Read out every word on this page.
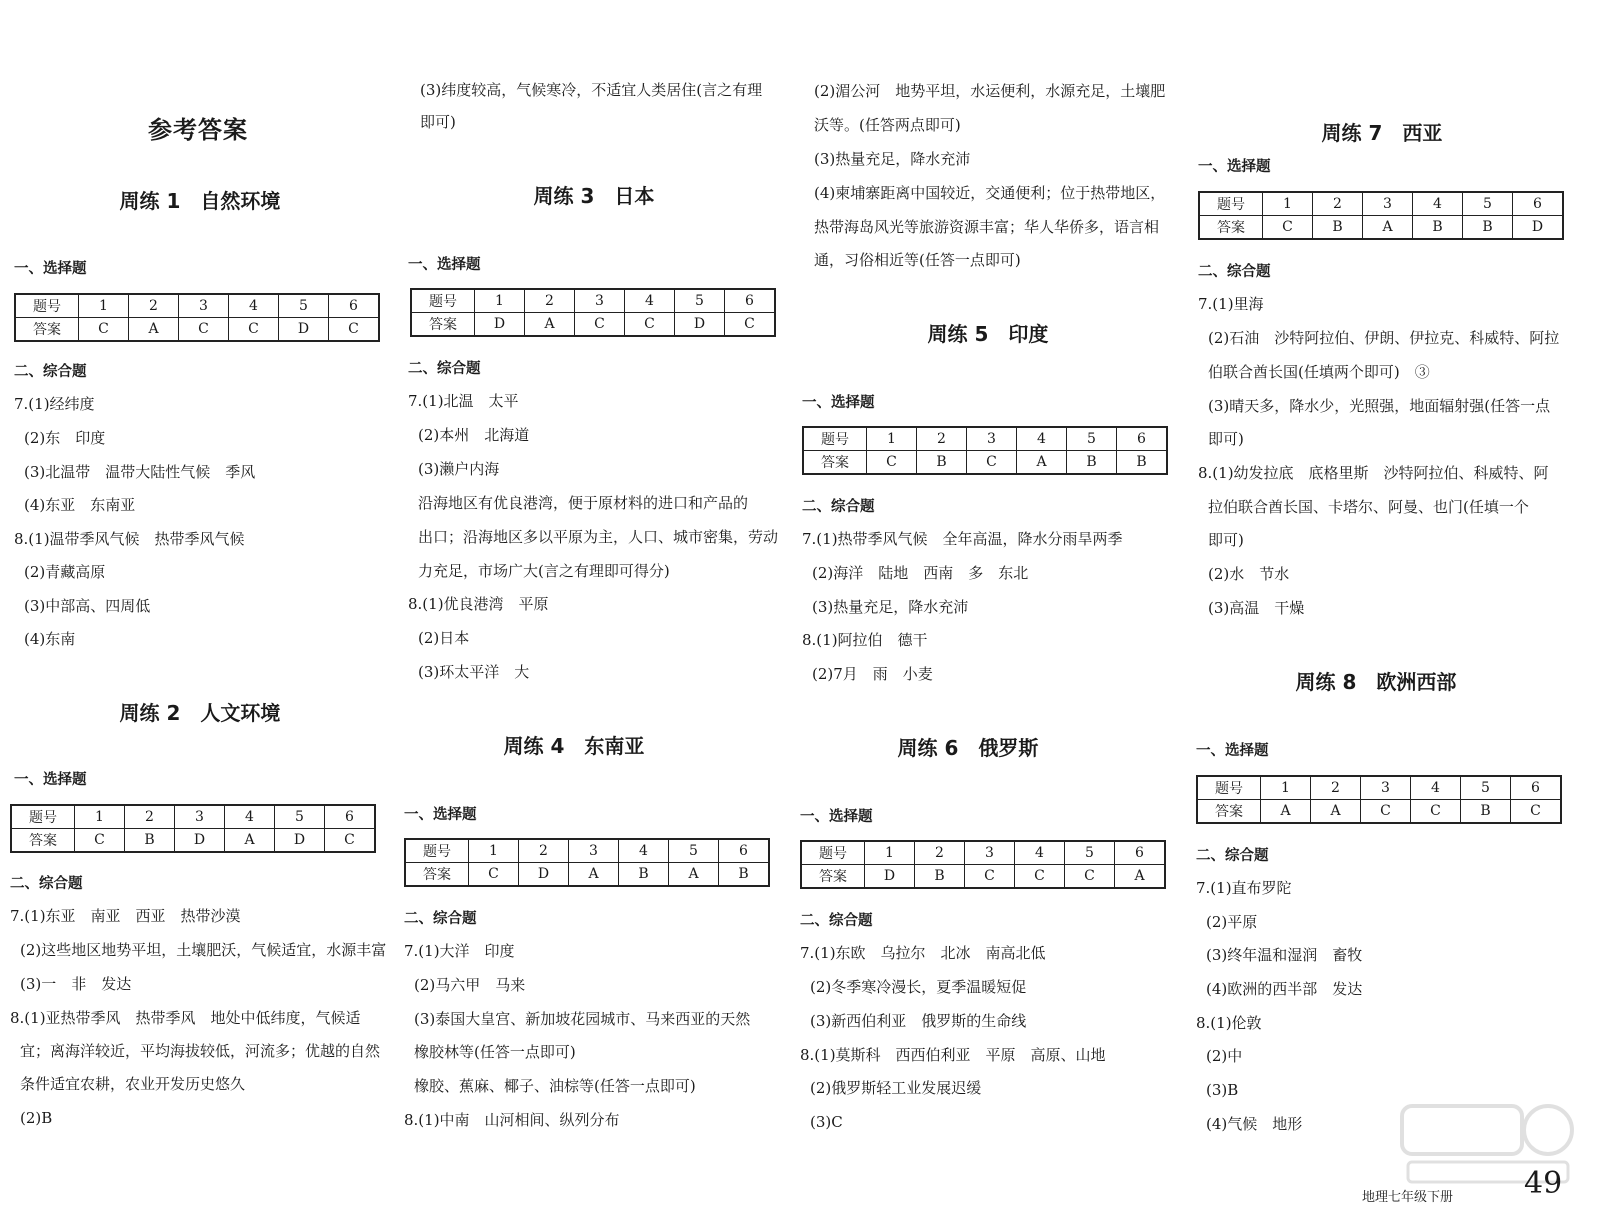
参考答案
周练 1　自然环境
一、选择题
题号	1	2	3	4	5	6
答案	C	A	C	C	D	C
二、综合题
7.(1)经纬度
(2)东　印度
(3)北温带　温带大陆性气候　季风
(4)东亚　东南亚
8.(1)温带季风气候　热带季风气候
(2)青藏高原
(3)中部高、四周低
(4)东南
周练 2　人文环境
一、选择题
题号	1	2	3	4	5	6
答案	C	B	D	A	D	C
二、综合题
7.(1)东亚　南亚　西亚　热带沙漠
(2)这些地区地势平坦，土壤肥沃，气候适宜，水源丰富
(3)一　非　发达
8.(1)亚热带季风　热带季风　地处中低纬度，气候适
宜；离海洋较近，平均海拔较低，河流多；优越的自然
条件适宜农耕，农业开发历史悠久
(2)B
(3)纬度较高，气候寒冷，不适宜人类居住(言之有理
即可)
周练 3　日本
一、选择题
题号	1	2	3	4	5	6
答案	D	A	C	C	D	C
二、综合题
7.(1)北温　太平
(2)本州　北海道
(3)濑户内海
沿海地区有优良港湾，便于原材料的进口和产品的
出口；沿海地区多以平原为主，人口、城市密集，劳动
力充足，市场广大(言之有理即可得分)
8.(1)优良港湾　平原
(2)日本
(3)环太平洋　大
周练 4　东南亚
一、选择题
题号	1	2	3	4	5	6
答案	C	D	A	B	A	B
二、综合题
7.(1)大洋　印度
(2)马六甲　马来
(3)泰国大皇宫、新加坡花园城市、马来西亚的天然
橡胶林等(任答一点即可)
橡胶、蕉麻、椰子、油棕等(任答一点即可)
8.(1)中南　山河相间、纵列分布
(2)湄公河　地势平坦，水运便利，水源充足，土壤肥
沃等。(任答两点即可)
(3)热量充足，降水充沛
(4)柬埔寨距离中国较近，交通便利；位于热带地区，
热带海岛风光等旅游资源丰富；华人华侨多，语言相
通，习俗相近等(任答一点即可)
周练 5　印度
一、选择题
题号	1	2	3	4	5	6
答案	C	B	C	A	B	B
二、综合题
7.(1)热带季风气候　全年高温，降水分雨旱两季
(2)海洋　陆地　西南　多　东北
(3)热量充足，降水充沛
8.(1)阿拉伯　德干
(2)7月　雨　小麦
周练 6　俄罗斯
一、选择题
题号	1	2	3	4	5	6
答案	D	B	C	C	C	A
二、综合题
7.(1)东欧　乌拉尔　北冰　南高北低
(2)冬季寒冷漫长，夏季温暖短促
(3)新西伯利亚　俄罗斯的生命线
8.(1)莫斯科　西西伯利亚　平原　高原、山地
(2)俄罗斯轻工业发展迟缓
(3)C
周练 7　西亚
一、选择题
题号	1	2	3	4	5	6
答案	C	B	A	B	B	D
二、综合题
7.(1)里海
(2)石油　沙特阿拉伯、伊朗、伊拉克、科威特、阿拉
伯联合酋长国(任填两个即可)　③
(3)晴天多，降水少，光照强，地面辐射强(任答一点
即可)
8.(1)幼发拉底　底格里斯　沙特阿拉伯、科威特、阿
拉伯联合酋长国、卡塔尔、阿曼、也门(任填一个
即可)
(2)水　节水
(3)高温　干燥
周练 8　欧洲西部
一、选择题
题号	1	2	3	4	5	6
答案	A	A	C	C	B	C
二、综合题
7.(1)直布罗陀
(2)平原
(3)终年温和湿润　畜牧
(4)欧洲的西半部　发达
8.(1)伦敦
(2)中
(3)B
(4)气候　地形
地理七年级下册 49
